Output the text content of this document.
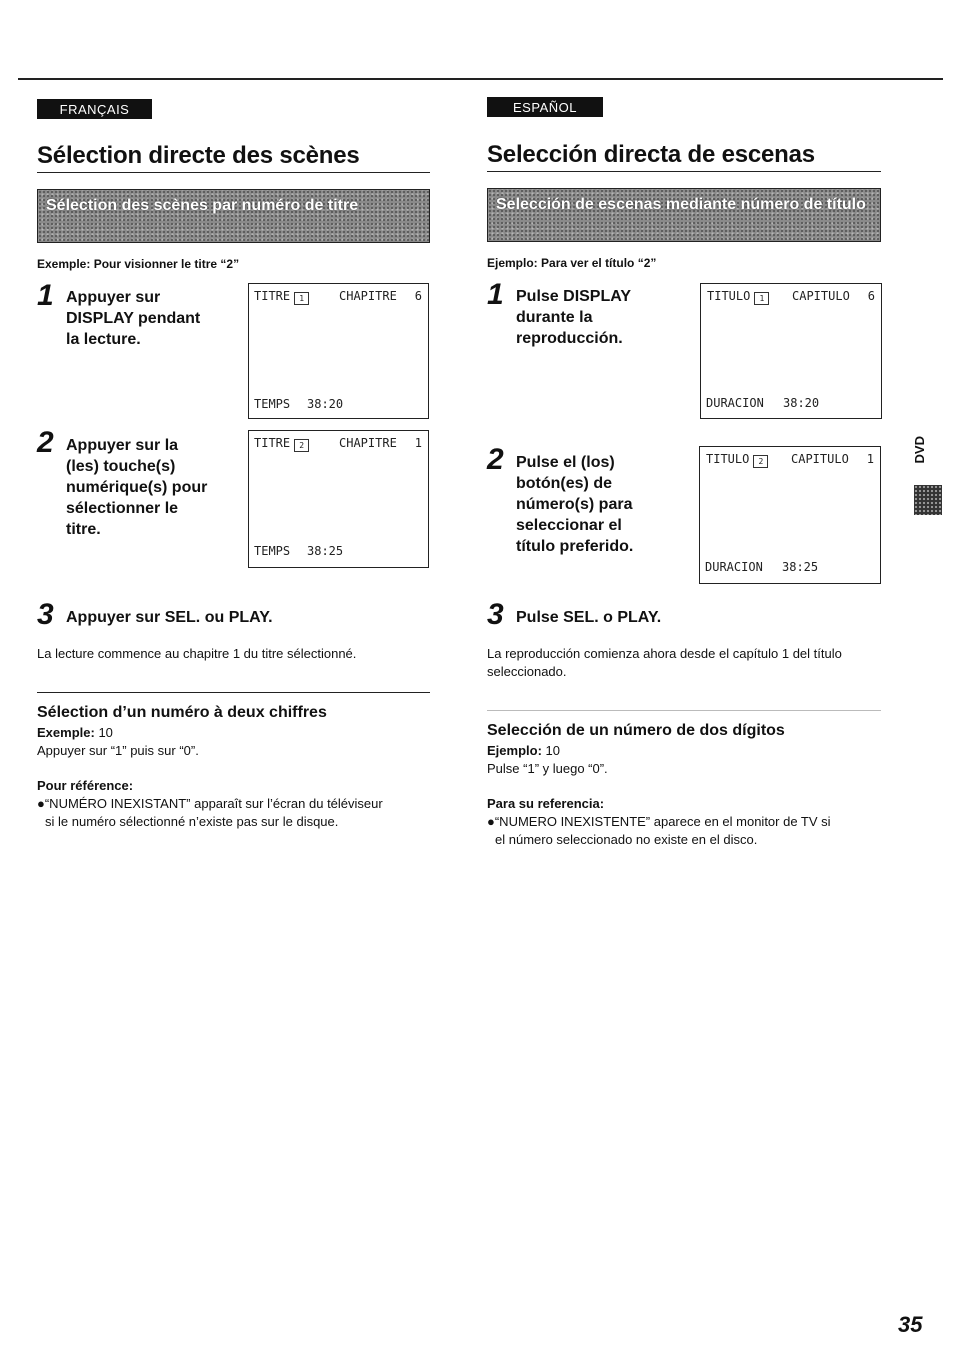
FRANÇAIS
Sélection directe des scènes
Sélection des scènes par numéro de titre
Exemple: Pour visionner le titre “2”
1 Appuyer sur
DISPLAY pendant
la lecture.
TITRE 1	CHAPITRE 6
TEMPS 38:20
2 Appuyer sur la
(les) touche(s)
numérique(s) pour
sélectionner le
titre.
TITRE 2	CHAPITRE 1
TEMPS 38:25
3 Appuyer sur SEL. ou PLAY.
La lecture commence au chapitre 1 du titre sélectionné.
Sélection d’un numéro à deux chiffres
Exemple: 10
Appuyer sur “1” puis sur “0”.
Pour référence:
●“NUMÉRO INEXISTANT” apparaît sur l’écran du téléviseur
si le numéro sélectionné n’existe pas sur le disque.
ESPAÑOL
Selección directa de escenas
Selección de escenas mediante número de título
Ejemplo: Para ver el título “2”
1 Pulse DISPLAY
durante la
reproducción.
TITULO 1	CAPITULO 6
DURACION 38:20
2 Pulse el (los)
botón(es) de
número(s) para
seleccionar el
título preferido.
TITULO 2	CAPITULO 1
DURACION 38:25
3 Pulse SEL. o PLAY.
La reproducción comienza ahora desde el capítulo 1 del título
seleccionado.
Selección de un número de dos dígitos
Ejemplo: 10
Pulse “1” y luego “0”.
Para su referencia:
●“NUMERO INEXISTENTE” aparece en el monitor de TV si
el número seleccionado no existe en el disco.
DVD
35
